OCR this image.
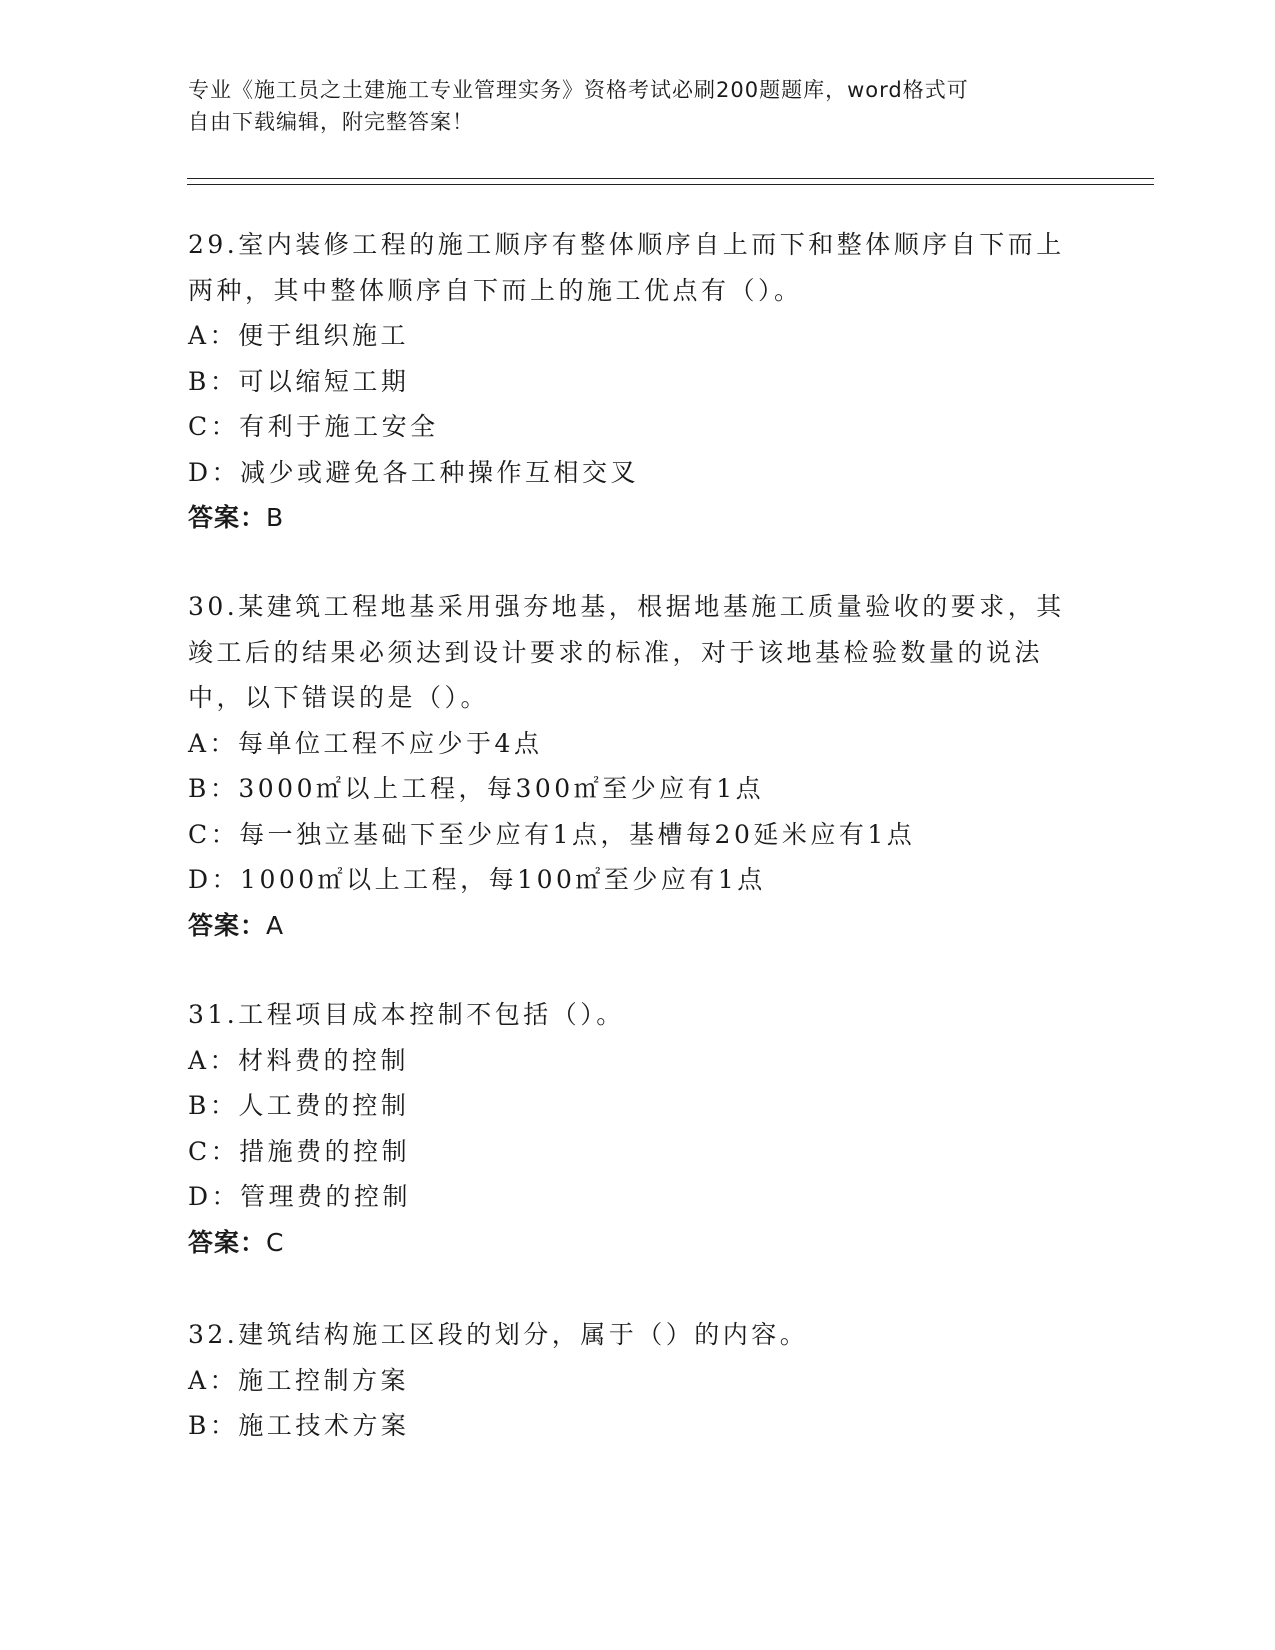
专业《施工员之土建施工专业管理实务》资格考试必刷200题题库，word格式可
自由下载编辑，附完整答案！
29.室内装修工程的施工顺序有整体顺序自上而下和整体顺序自下而上
两种，其中整体顺序自下而上的施工优点有（）。
A：便于组织施工
B：可以缩短工期
C：有利于施工安全
D：减少或避免各工种操作互相交叉
答案：B
30.某建筑工程地基采用强夯地基，根据地基施工质量验收的要求，其
竣工后的结果必须达到设计要求的标准，对于该地基检验数量的说法
中，以下错误的是（）。
A：每单位工程不应少于4点
B：3000㎡以上工程，每300㎡至少应有1点
C：每一独立基础下至少应有1点，基槽每20延米应有1点
D：1000㎡以上工程，每100㎡至少应有1点
答案：A
31.工程项目成本控制不包括（）。
A：材料费的控制
B：人工费的控制
C：措施费的控制
D：管理费的控制
答案：C
32.建筑结构施工区段的划分，属于（）的内容。
A：施工控制方案
B：施工技术方案
